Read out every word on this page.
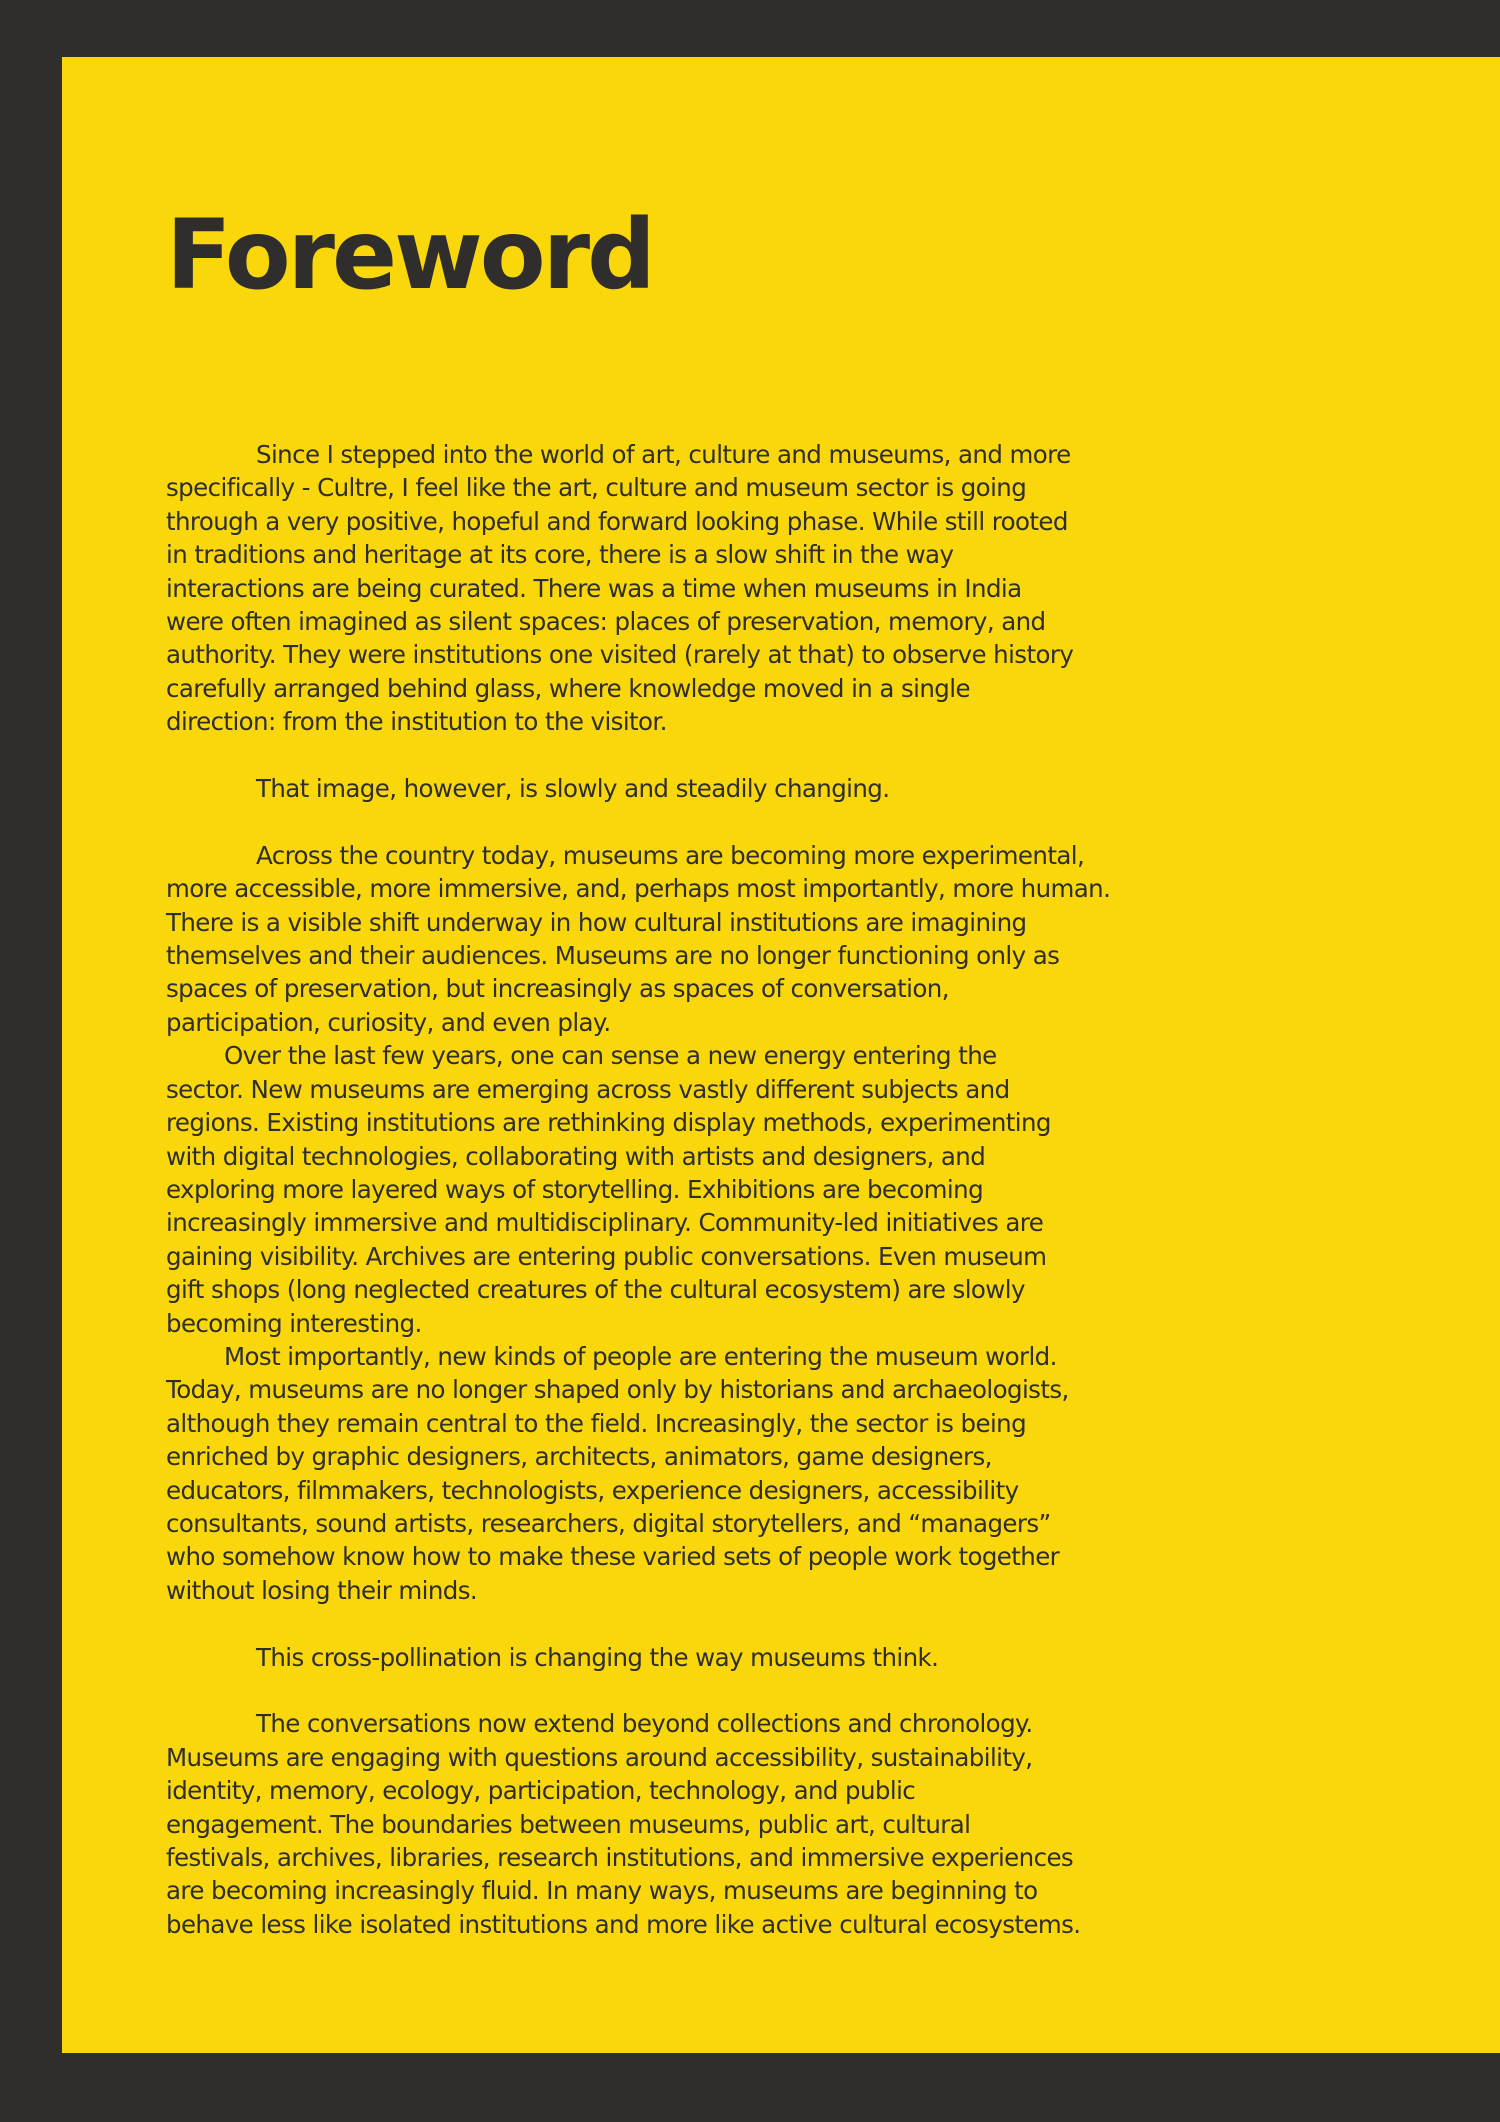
Foreword

Since I stepped into the world of art, culture and museums, and more
specifically - Cultre, I feel like the art, culture and museum sector is going
through a very positive, hopeful and forward looking phase. While still rooted
in traditions and heritage at its core, there is a slow shift in the way
interactions are being curated. There was a time when museums in India
were often imagined as silent spaces: places of preservation, memory, and
authority. They were institutions one visited (rarely at that) to observe history
carefully arranged behind glass, where knowledge moved in a single
direction: from the institution to the visitor.

That image, however, is slowly and steadily changing.

Across the country today, museums are becoming more experimental,
more accessible, more immersive, and, perhaps most importantly, more human.
There is a visible shift underway in how cultural institutions are imagining
themselves and their audiences. Museums are no longer functioning only as
spaces of preservation, but increasingly as spaces of conversation,
participation, curiosity, and even play.

Over the last few years, one can sense a new energy entering the
sector. New museums are emerging across vastly different subjects and
regions. Existing institutions are rethinking display methods, experimenting
with digital technologies, collaborating with artists and designers, and
exploring more layered ways of storytelling. Exhibitions are becoming
increasingly immersive and multidisciplinary. Community-led initiatives are
gaining visibility. Archives are entering public conversations. Even museum
gift shops (long neglected creatures of the cultural ecosystem) are slowly
becoming interesting.

Most importantly, new kinds of people are entering the museum world.
Today, museums are no longer shaped only by historians and archaeologists,
although they remain central to the field. Increasingly, the sector is being
enriched by graphic designers, architects, animators, game designers,
educators, filmmakers, technologists, experience designers, accessibility
consultants, sound artists, researchers, digital storytellers, and “managers”
who somehow know how to make these varied sets of people work together
without losing their minds.

This cross-pollination is changing the way museums think.

The conversations now extend beyond collections and chronology.
Museums are engaging with questions around accessibility, sustainability,
identity, memory, ecology, participation, technology, and public
engagement. The boundaries between museums, public art, cultural
festivals, archives, libraries, research institutions, and immersive experiences
are becoming increasingly fluid. In many ways, museums are beginning to
behave less like isolated institutions and more like active cultural ecosystems.
